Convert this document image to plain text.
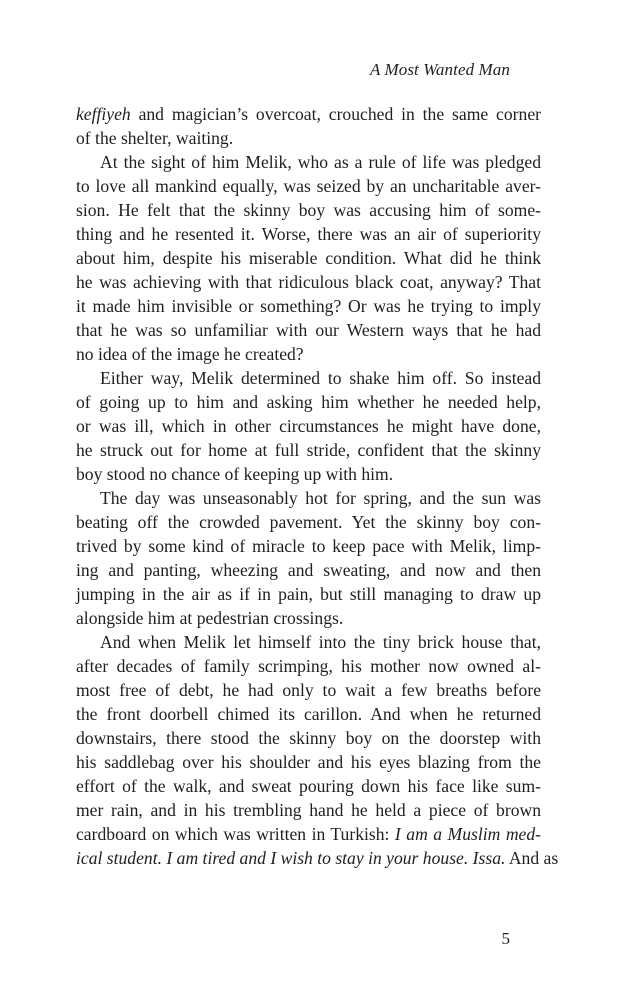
A Most Wanted Man
keffiyeh and magician’s overcoat, crouched in the same corner
of the shelter, waiting.
At the sight of him Melik, who as a rule of life was pledged
to love all mankind equally, was seized by an uncharitable aver-
sion. He felt that the skinny boy was accusing him of some-
thing and he resented it. Worse, there was an air of superiority
about him, despite his miserable condition. What did he think
he was achieving with that ridiculous black coat, anyway? That
it made him invisible or something? Or was he trying to imply
that he was so unfamiliar with our Western ways that he had
no idea of the image he created?
Either way, Melik determined to shake him off. So instead
of going up to him and asking him whether he needed help,
or was ill, which in other circumstances he might have done,
he struck out for home at full stride, confident that the skinny
boy stood no chance of keeping up with him.
The day was unseasonably hot for spring, and the sun was
beating off the crowded pavement. Yet the skinny boy con-
trived by some kind of miracle to keep pace with Melik, limp-
ing and panting, wheezing and sweating, and now and then
jumping in the air as if in pain, but still managing to draw up
alongside him at pedestrian crossings.
And when Melik let himself into the tiny brick house that,
after decades of family scrimping, his mother now owned al-
most free of debt, he had only to wait a few breaths before
the front doorbell chimed its carillon. And when he returned
downstairs, there stood the skinny boy on the doorstep with
his saddlebag over his shoulder and his eyes blazing from the
effort of the walk, and sweat pouring down his face like sum-
mer rain, and in his trembling hand he held a piece of brown
cardboard on which was written in Turkish: I am a Muslim med-
ical student. I am tired and I wish to stay in your house. Issa. And as
5
